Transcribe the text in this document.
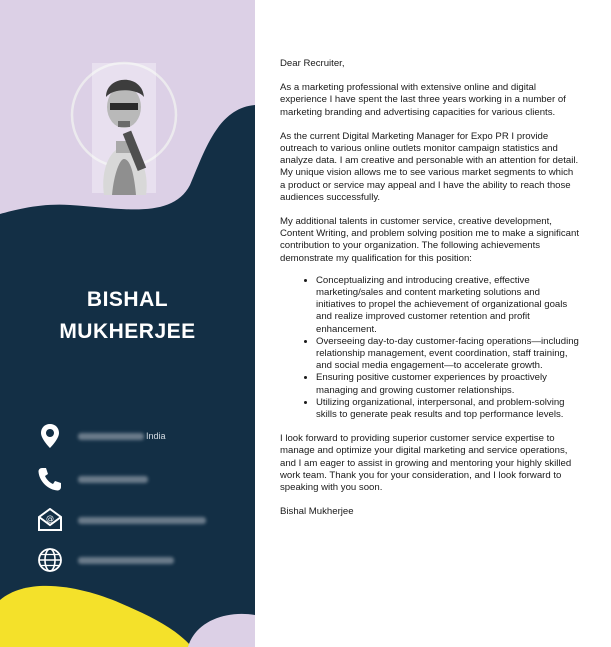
BISHAL
MUKHERJEE
India
@

Dear Recruiter,

As a marketing professional with extensive online and digital experience I have spent the last three years working in a number of marketing branding and advertising capacities for various clients.

As the current Digital Marketing Manager for Expo PR I provide outreach to various online outlets monitor campaign statistics and analyze data. I am creative and personable with an attention for detail. My unique vision allows me to see various market segments to which a product or service may appeal and I have the ability to reach those audiences successfully.

My additional talents in customer service, creative development, Content Writing, and problem solving position me to make a significant contribution to your organization. The following achievements demonstrate my qualification for this position:

• Conceptualizing and introducing creative, effective marketing/sales and content marketing solutions and initiatives to propel the achievement of organizational goals and realize improved customer retention and profit enhancement.
• Overseeing day-to-day customer-facing operations—including relationship management, event coordination, staff training, and social media engagement—to accelerate growth.
• Ensuring positive customer experiences by proactively managing and growing customer relationships.
• Utilizing organizational, interpersonal, and problem-solving skills to generate peak results and top performance levels.

I look forward to providing superior customer service expertise to manage and optimize your digital marketing and service operations, and I am eager to assist in growing and mentoring your highly skilled work team. Thank you for your consideration, and I look forward to speaking with you soon.

Bishal Mukherjee
